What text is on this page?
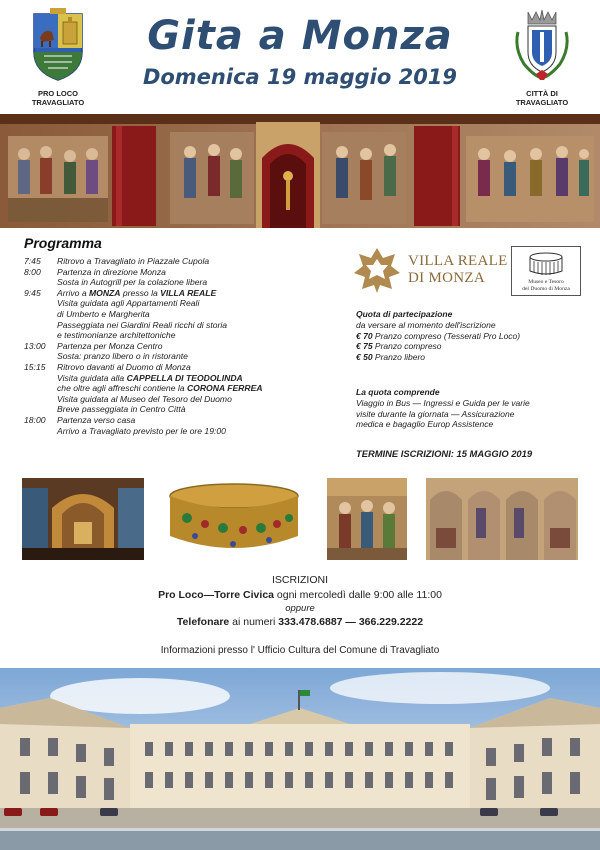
PRO LOCO
TRAVAGLIATO
Gita a Monza
Domenica 19 maggio 2019
CITTÀ DI
TRAVAGLIATO
Programma
7:45	Ritrovo a Travagliato in Piazzale Cupola
8:00	Partenza in direzione Monza
Sosta in Autogrill per la colazione libera
9:45	Arrivo a MONZA presso la VILLA REALE
Visita guidata agli Appartamenti Reali
di Umberto e Margherita
Passeggiata nei Giardini Reali ricchi di storia
e testimonianze architettoniche
13:00	Partenza per Monza Centro
Sosta: pranzo libero o in ristorante
15:15	Ritrovo davanti al Duomo di Monza
Visita guidata alla CAPPELLA DI TEODOLINDA
che oltre agli affreschi contiene la CORONA FERREA
Visita guidata al Museo del Tesoro del Duomo
Breve passeggiata in Centro Città
18:00	Partenza verso casa
Arrivo a Travagliato previsto per le ore 19:00
VILLA REALE
DI MONZA	Museo e Tesoro
del Duomo di Monza
Quota di partecipazione
da versare al momento dell'iscrizione
€ 70 Pranzo compreso (Tesserati Pro Loco)
€ 75 Pranzo compreso
€ 50 Pranzo libero
La quota comprende
Viaggio in Bus — Ingressi e Guida per le varie
visite durante la giornata — Assicurazione
medica e bagaglio Europ Assistence
TERMINE ISCRIZIONI: 15 MAGGIO 2019
ISCRIZIONI
Pro Loco—Torre Civica ogni mercoledì dalle 9:00 alle 11:00
oppure
Telefonare ai numeri 333.478.6887 — 366.229.2222
Informazioni presso l' Ufficio Cultura del Comune di Travagliato
